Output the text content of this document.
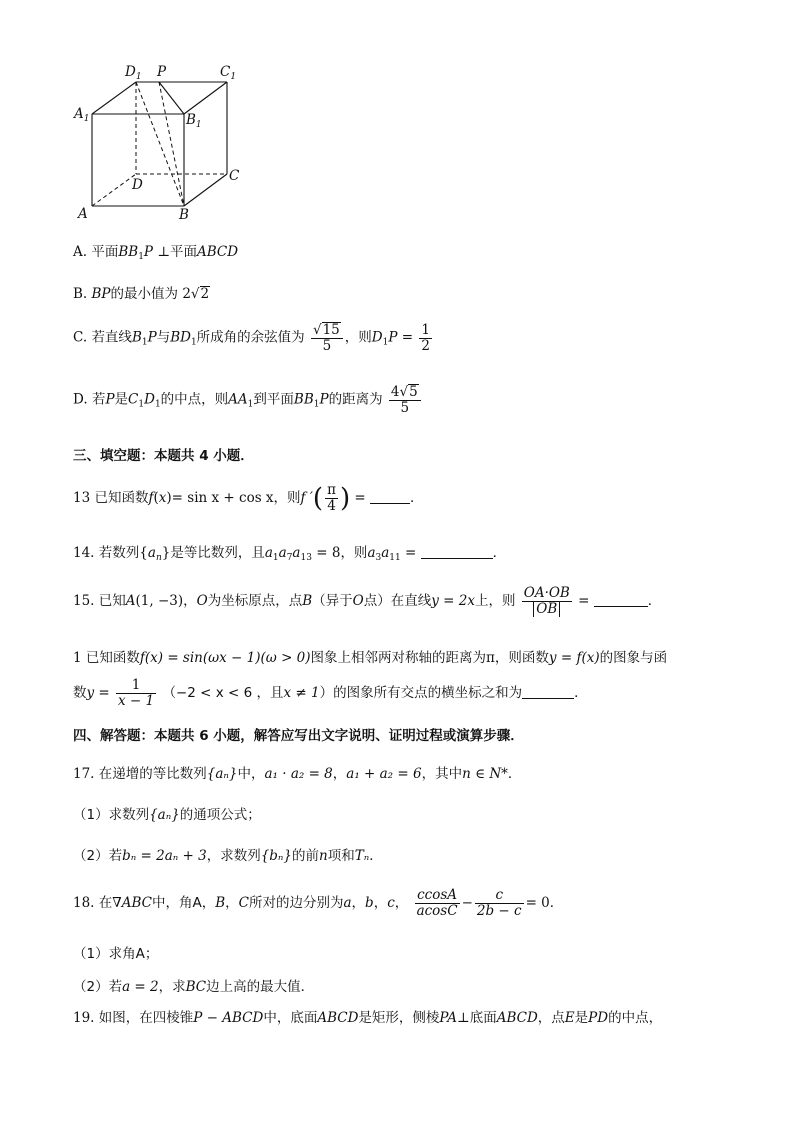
$D_1$ P	$C_1$
$A_1$	$B_1$
D
C
A	B
A. 平面$BB_1P$ ⊥平面ABCD
B. BP的最小值为 2√2
C. 若直线$B_1P$与$BD_1$所成角的余弦值为 $\frac{√15}{5}$ ，则$D_1P = \frac{1}{2}$
D. 若P是$C_1D_1$的中点，则$AA_1$到平面$BB_1P$的距离为 $\frac{4√5}{5}$
三、填空题：本题共 4 小题．
13 已知函数f(x)= sin x + cos x，则f ′( $\frac{\pi}{4}$ ) =	．
14. 若数列$\{a_n\}$是等比数列，且$a_1a_7a_{13} = 8$，则$a_3a_{11}$ =	．
15. 已知A(1, −3)，O为坐标原点，点B（异于O点）在直线y = 2x上，则 $\frac{OA\cdot OB}{OB}$ =	．
1 已知函数f(x) = sin(ωx − 1)(ω > 0)图象上相邻两对称轴的距离为π，则函数y = f(x)的图象与函
数$y = \frac{1}{x - 1} (-2 < x < 6$ ，且x ≠ 1）的图象所有交点的横坐标之和为	．
四、解答题：本题共 6 小题，解答应写出文字说明、证明过程或演算步骤．
17. 在递增的等比数列{aₙ}中，a₁ · a₂ = 8，a₁ + a₂ = 6，其中n ∈ N*．
（1）求数列{aₙ}的通项公式；
（2）若bₙ = 2aₙ + 3，求数列{bₙ}的前n项和Tₙ．
18. 在∇ABC中，角A，B，C所对的边分别为a，b，c， $\frac{ccosA}{acosC} - \frac{c}{2b - c} = 0$．
（1）求角A；
（2）若a = 2，求BC边上高的最大值．
19. 如图，在四棱锥P − ABCD中，底面ABCD是矩形，侧棱PA⊥底面ABCD，点E是PD的中点，
